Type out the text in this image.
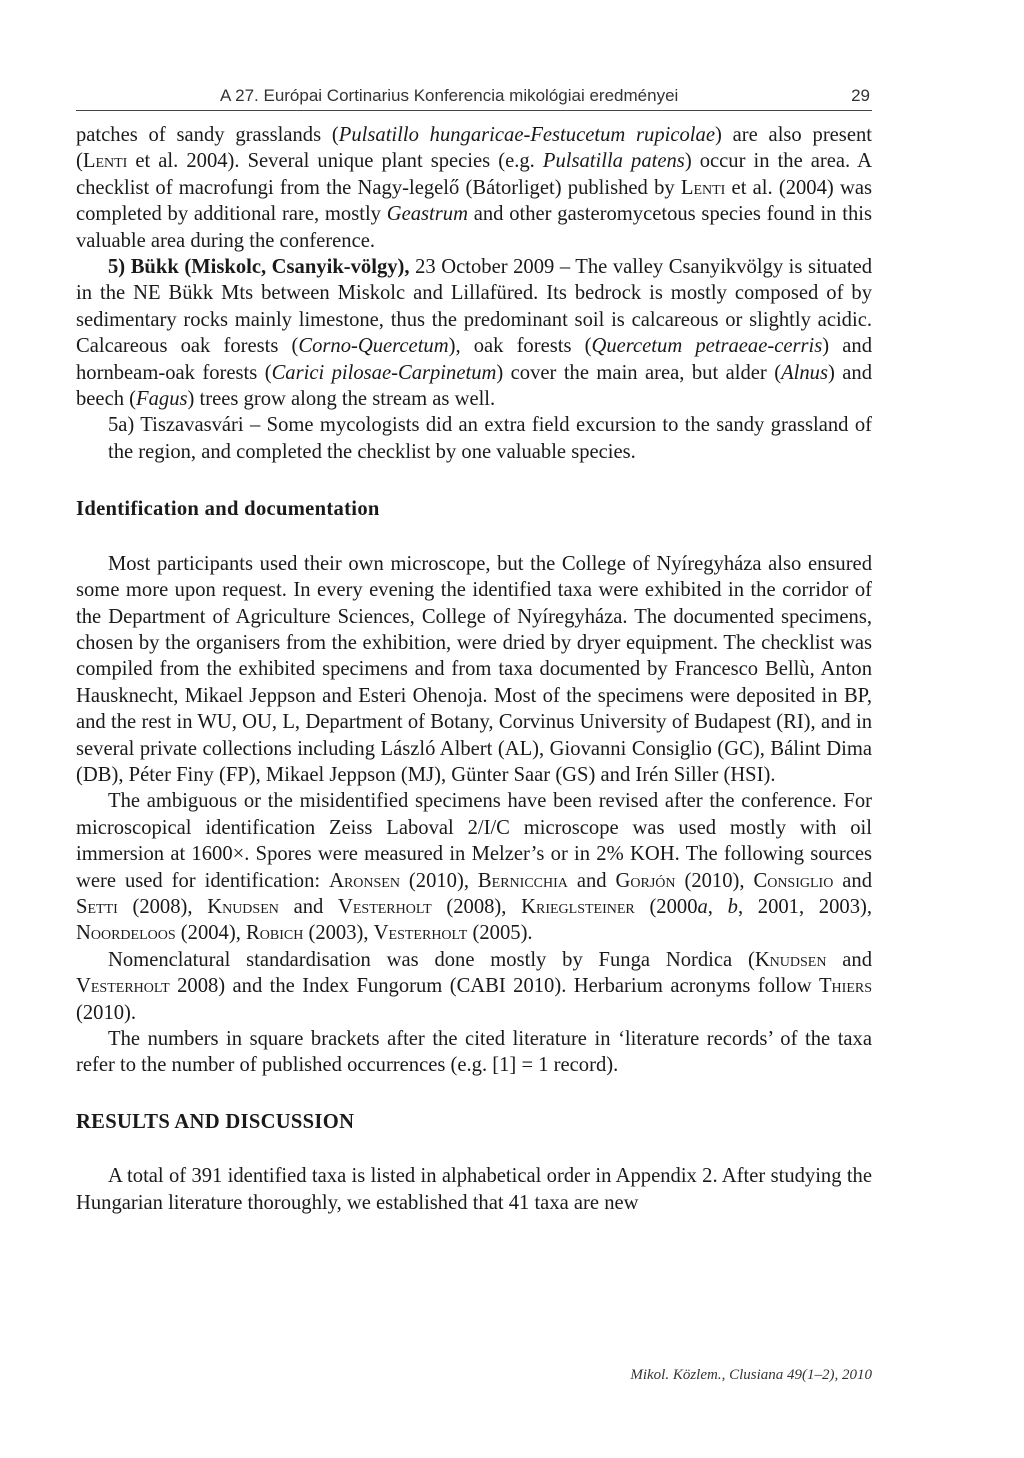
A 27. Európai Cortinarius Konferencia mikológiai eredményei	29

patches of sandy grasslands (Pulsatillo hungaricae-Festucetum rupicolae) are also present (Lenti et al. 2004). Several unique plant species (e.g. Pulsatilla patens) occur in the area. A checklist of macrofungi from the Nagy-legelő (Bátorliget) published by Lenti et al. (2004) was completed by additional rare, mostly Geastrum and other gasteromycetous species found in this valuable area during the conference.

5) Bükk (Miskolc, Csanyik-völgy), 23 October 2009 – The valley Csanyikvölgy is situated in the NE Bükk Mts between Miskolc and Lillafüred. Its bedrock is mostly composed of by sedimentary rocks mainly limestone, thus the predominant soil is calcareous or slightly acidic. Calcareous oak forests (Corno-Quercetum), oak forests (Quercetum petraeae-cerris) and hornbeam-oak forests (Carici pilosae-Carpinetum) cover the main area, but alder (Alnus) and beech (Fagus) trees grow along the stream as well.

5a) Tiszavasvári – Some mycologists did an extra field excursion to the sandy grassland of the region, and completed the checklist by one valuable species.

Identification and documentation

Most participants used their own microscope, but the College of Nyíregyháza also ensured some more upon request. In every evening the identified taxa were exhibited in the corridor of the Department of Agriculture Sciences, College of Nyíregyháza. The documented specimens, chosen by the organisers from the exhibition, were dried by dryer equipment. The checklist was compiled from the exhibited specimens and from taxa documented by Francesco Bellù, Anton Hausknecht, Mikael Jeppson and Esteri Ohenoja. Most of the specimens were deposited in BP, and the rest in WU, OU, L, Department of Botany, Corvinus University of Budapest (RI), and in several private collections including László Albert (AL), Giovanni Consiglio (GC), Bálint Dima (DB), Péter Finy (FP), Mikael Jeppson (MJ), Günter Saar (GS) and Irén Siller (HSI).

The ambiguous or the misidentified specimens have been revised after the conference. For microscopical identification Zeiss Laboval 2/I/C microscope was used mostly with oil immersion at 1600×. Spores were measured in Melzer’s or in 2% KOH. The following sources were used for identification: Aronsen (2010), Bernicchia and Gorjón (2010), Consiglio and Setti (2008), Knudsen and Vesterholt (2008), Krieglsteiner (2000a, b, 2001, 2003), Noordeloos (2004), Robich (2003), Vesterholt (2005).

Nomenclatural standardisation was done mostly by Funga Nordica (Knudsen and Vesterholt 2008) and the Index Fungorum (CABI 2010). Herbarium acronyms follow Thiers (2010).

The numbers in square brackets after the cited literature in ‘literature records’ of the taxa refer to the number of published occurrences (e.g. [1] = 1 record).

RESULTS AND DISCUSSION

A total of 391 identified taxa is listed in alphabetical order in Appendix 2. After studying the Hungarian literature thoroughly, we established that 41 taxa are new

Mikol. Közlem., Clusiana 49(1–2), 2010
